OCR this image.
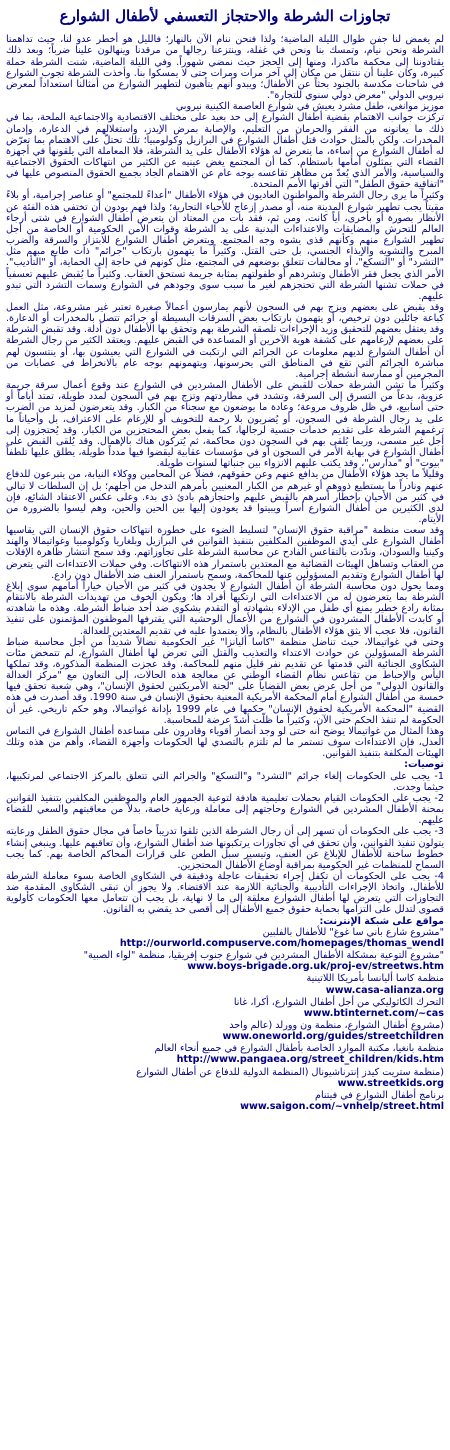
تجاوزات الشرطة والاحتجاز التعسفي لأطفال الشوارع

لم يغمض لنا جفن طوال الليلة الماضية؛ ولذا فنحن ننام الآن بالنهار؛ فالليل هو أخطر عدو لنا، حيث تداهمنا الشرطة ونحن نيام، وتمسك بنا ونحن في غفلة، وينتزعنا رجالها من مرقدنا وينهالون علينا ضرباً؛ وبعد ذلك يقتادوننا إلى محكمة ماكدرا، ومنها إلى الحجز حيث نمضي شهوراً. وفي الليلة الماضية، شنت الشرطة حملة كبيرة، وكان علينا أن ننتقل من مكان إلى آخر مرات ومرات حتى لا يمسكوا بنا. وأخذت الشرطة تجوب الشوارع في شاحنات مكدسة بالجنود بحثاً عن الأطفال؛ ويبدو أنهم يتأهبون لتطهير الشوارع من أمثالنا استعداداً لمعرض نيروبي الدولي "معرض دولي سنوي للتجارة".

موزيز موانغي، طفل مشرد يعيش في شوارع العاصمة الكينية نيروبي

تركزت جوانب الاهتمام بقضية أطفال الشوارع إلى حد بعيد على مختلف الاقتصادية والاجتماعية الملحة، بما في ذلك ما يعانونه من الفقر والحرمان من التعليم، والإصابة بمرض الإيدز، واستغلالهم في الدعارة، وإدمان المخدرات. ولكن بالمثل حوادث قتل أطفال الشوارع في البرازيل وكولومبيا؛ تلك تحتلّ على الاهتمام بما تعرّض له أطفال الشوارع من إساءة، ما يتعرض له هؤلاء الأطفال على يد الشرطة، فلا المعاملة التي يلقونها في أجهزة القضاء التي يمثلون أمامها باستظام. كما أن المجتمع يغض عينيه عن الكثير من انتهاكات الحقوق الاجتماعية والسياسية، والأمر الذي يُعدّ من مظاهر تقاعسه بوجه عام عن الاهتمام الجاد بجميع الحقوق المنصوص عليها في "اتفاقية حقوق الطفل" التي أقرتها الأمم المتحدة.

وكثيراً ما يرى رجال الشرطة والمواطنون العاديون في هؤلاء الأطفال "أعداءً للمجتمع" أو عناصر إجرامية، أو بلاءً مقيتاً يجب تطهير شوارع المدينة منه، أو مصدر إزعاج للأحياء التجارية؛ ولذا فهم يودون أن تختفي هذه الفئة عن الأنظار بصورة أو بأخرى، أياً كانت. ومن ثم، فقد بات من المعتاد أن يتعرض أطفال الشوارع في شتى أرجاء العالم للتحرش والمضايقات والاعتداءات البدنية على يد الشرطة وقوات الأمن الحكومية أو الخاصة من أجل تطهير الشوارع منهم وكأنهم قذى يشوه وجه المجتمع. ويتعرض أطفال الشوارع للابتزاز والسرقة والضرب المبرح والتشويه والإيذاء الجنسي، بل حتى القتل. وكثيراً ما يتهمون بارتكاب "جرائم" ذات طابع مبهم مثل "التشرد" أو "التسكع"، أو مخالفات تتعلق بوضعهم في المجتمع، مثل كونهم في حاجة إلى الحماية، أو "التأديب". الأمر الذي يجعل فقر الأطفال وتشردهم أو طفولتهم بمثابة جريمة تستحق العقاب. وكثيراً ما يُقبض عليهم تعسفياً في حملات تشنها الشرطة التي تحتجزهم لغير ما سبب سوى وجودهم في الشوارع وسمات التشرد التي تبدو عليهم.

وقد يقبض على بعضهم ويزج بهم في السجون لأنهم يمارسون أعمالاً صغيرة تعتبر غير مشروعة، مثل العمل كباعة جائلين دون ترخيص، أو يتهمون بارتكاب بعض السرقات البسيطة أو جرائم تتصل بالمخدرات أو الدعارة. وقد يعتقل بعضهم للتحقيق وزيد الإجراءات تلصقه الشرطة بهم وتحقق بها الأطفال دون أدلة. وقد تقبض الشرطة على بعضهم لإرغامهم على كشفة هوية الآخرين أو المساعدة في القبض عليهم. ويعتقد الكثير من رجال الشرطة أن أطفال الشوارع لديهم معلومات عن الجرائم التي ارتكبت في الشوارع التي يعيشون بها، أو ينتسبون لهم مباشرة الجرائم التي تقع في المناطق التي يحرسونها، ويتهمونهم بوجه عام بالانخراط في عصابات من المجرمين أو ممارسة أنشطة إجرامية.

وكثيراً ما تشن الشرطة حملات للقبض على الأطفال المشردين في الشوارع عند وقوع أعمال سرقة جريمة عزوية، بدعاً من التسرق إلى السرقة، وتشدد في مطاردتهم وتزج بهم في السجون لمدد طويلة، تمتد أياماً أو حتى أسابيع، في ظل ظروف مروعة؛ وعادة ما يوضعون مع سجناء من الكبار. وقد يتعرضون لمزيد من الضرب على يد رجال الشرطة في السجون، أو يُضربون بلا رحمة للتخويف أو للإرغام على الاعتراف، بل وأحياناً ما ترغمهم الشرطة على تقديم خدمات جنسية لرجالها، كما يفعل بعض المحتجزين من الكبار. وقد يُحتجزون إلى أجل غير مسمى، وربما يُلقى بهم في السجون دون محاكمة، ثم يُتركون هناك بالإهمال. وقد يُلقى القبض على أطفال الشوارع في بهاية الأمر في السجون أو في مؤسسات عقابية ليقضوا فيها مدداً طويلة، يطلق عليها تلطفاً "بيوت" أو "مدارس"، وقد يكتب عليهم الانزواء بين جنباتها لسنوات طويلة.

وقليلاً ما يجد هؤلاء الأطفال من يدافع عنهم وعن حقوقهم، فضلاً عن المحامين ووكلاء النيابة، من يتبرعون للدفاع عنهم ونادراً ما يستطيع ذووهم أو غيرهم من الكبار المعنيين بأمرهم التدخل من أجلهم؛ بل إن السلطات لا تبالي في كثير من الأحيان بإخطار أسرهم بالقبض عليهم واحتجازهم بادئ ذي بدء. وعلى عكس الاعتقاد الشائع، فإن لدى الكثيرين من أطفال الشوارع أسراً ويبيتوا قد يعودون إليها بين الحين والحين، وهم ليسوا بالضرورة من الأيتام.

وقد سعت منظمة "مراقبة حقوق الإنسان" لتسليط الضوء على خطورة انتهاكات حقوق الإنسان التي يقاسيها أطفال الشوارع على أيدي الموظفين المكلفين بتنفيذ القوانين في البرازيل وبلغاريا وكولومبيا وغواتيمالا والهند وكينيا والسودان، وندّدت بالتقاعس الفادح عن محاسبة الشرطة على تجاوزاتهم. وقد سمح انتشار ظاهرة الإفلات من العقاب وتساهل الهيئات القضائية مع المعتدين باستمرار هذه الانتهاكات. وفي حملات الاعتداءات التي يتعرض لها أطفال الشوارع وتقديم المسؤولين عنها للمحاكمة، وسمح باستمرار العنف ضد الأطفال دون رادع.

ومما يحول دون محاسبة الشرطة أن أطفال الشوارع لا يجدون في كثير من الأحيان خياراً أمامهم سوى إبلاغ الشرطة بما يتعرضون له من الاعتداءات التي ارتكبها أفراد ها؛ ويكون الخوف من تهديدات الشرطة بالانتقام بمثابة رادع خطير يمنع أي طفل من الإدلاء بشهادته أو التقدم بشكوى ضد أحد ضباط الشرطة. وهذه ما شاهدته أو كابدت الأطفال المشردون في الشوارع من الأعمال الوحشية التي يقترفها الموظفون المؤتمنون على تنفيذ القانون، فلا عجب ألا يثق هؤلاء الأطفال بالنظام، وألا يعتمدوا عليه في تقديم المعتدين للعدالة.

وحتى في غواتيمالا، حيث تناضل منظمة "كاسا أليانزا" غير الحكومية نضالاً شديداً من أجل محاسبة ضباط الشرطة المسؤولين عن حوادث الاعتداء والتعذيب والقتل التي تعرض لها أطفال الشوارع، لم تتمخض مئات الشكاوى الجنائية التي قدمتها عن تقديم نفر قليل منهم للمحاكمة. وقد عجزت المنظمة المذكورة، وقد تملكها اليأس والإحباط من تقاعس نظام القضاء الوطني عن معالجة هذه الحالات، إلى التعاون مع "مركز العدالة والقانون الدولي" من أجل عرض بعض القضايا على "لجنة الأمريكتين لحقوق الإنسان"، وهي شعبة تحقق فيها خمسة من أطفال الشوارع أمام المحكمة الأمريكية المعنية بحقوق الإنسان في سنة 1990. وقد أصدرت في هذه القضية "المحكمة الأمريكية لحقوق الإنسان" حكمها في عام 1999 بإدانة غواتيمالا، وهو حكم تاريخي. غير أن الحكومة لم تنفذ الحكم حتى الآن، وكثيراً ما ظلّت أشدّ عرضة للمحاسبة.

وهذا المثال من غواتيمالا يوضح أنه حتى لو وجد أنصار أقوياء وقادرون على مساعدة أطفال الشوارع في التماس العدل، فإن الاعتداءات سوف تستمر ما لم تلتزم بالتصدي لها الحكومات وأجهزة القضاء، وأهم من هذه وتلك الهيئات المكلفة بتنفيذ القوانين.

توصيات:

1- يجب على الحكومات إلغاء جرائم "التشرد" و"التسكع" والجرائم التي تتعلق بالمركز الاجتماعي لمرتكبيها، حيثما وجدت.

2- يجب على الحكومات القيام بحملات تعليمية هادفة لتوعية الجمهور العام والموظفين المكلفين بتنفيذ القوانين بمحنة الأطفال المشردين في الشوارع وحاجتهم إلى معاملة ورعاية خاصة، بدلاً من معاقبتهم والسعي للقضاء عليهم.

3- يجب على الحكومات أن تسهر إلى أن رجال الشرطة الذين تلقوا تدريباً خاصاً في مجال حقوق الطفل ورعايته يتولون تنفيذ القوانين، وأن تحقق في أي تجاوزات يرتكبونها ضد أطفال الشوارع، وأن تعاقبهم عليها. وينبغي إنشاء خطوط ساخنة للأطفال للإبلاغ عن العنف، وتيسير سبل الطعن على قرارات المحاكم الخاصة بهم. كما يجب السماح للمنظمات غير الحكومية بمراقبة أوضاع الأطفال المحتجزين.

4- يجب على الحكومات أن تكفل إجراء تحقيقات عاجلة ودقيقة في الشكاوى الخاصة بسوء معاملة الشرطة للأطفال، واتخاذ الإجراءات التأديبية والجنائية اللازمة عند الاقتضاء. ولا يجوز أن تبقى الشكاوى المقدمة ضد التجاوزات التي يتعرض لها أطفال الشوارع معلقة إلى ما لا نهاية، بل يجب أن تتعامل معها الحكومات كأولوية قصوى لتدلل على التزامها بحماية حقوق جميع الأطفال إلى أقصى حد يقضي به القانون.

مواقع على شبكة الإنترنت:
"مشروع شارع باني سا غوغ" للأطفال بالفلبين
http://ourworld.compuserve.com/homepages/thomas_wendl
"مشروع التوعية بمشكلة الأطفال المشردين في شوارع جنوب إفريقيا، منظمة "لواء الصبية"
www.boys-brigade.org.uk/proj-ev/streetws.htm
منظمة كاسا أليانسا بأمريكا اللاتينية
www.casa-alianza.org
التحرك الكاثوليكي من أجل أطفال الشوارع، أكرا، غانا
www.btinternet.com/~cas
(مشروع أطفال الشوارع، منظمة ون وورلد (عالم واحد
www.oneworld.org/guides/streetchildren
منظمة بانغيا، مكتبة الموارد الخاصة بأطفال الشوارع في جميع أنحاء العالم
http://www.pangaea.org/street_children/kids.htm
(منظمة ستريت كيدز إنترناشيونال (المنظمة الدولية للدفاع عن أطفال الشوارع
www.streetkids.org
برنامج أطفال الشوارع في فيتنام
www.saigon.com/~vnhelp/street.html
